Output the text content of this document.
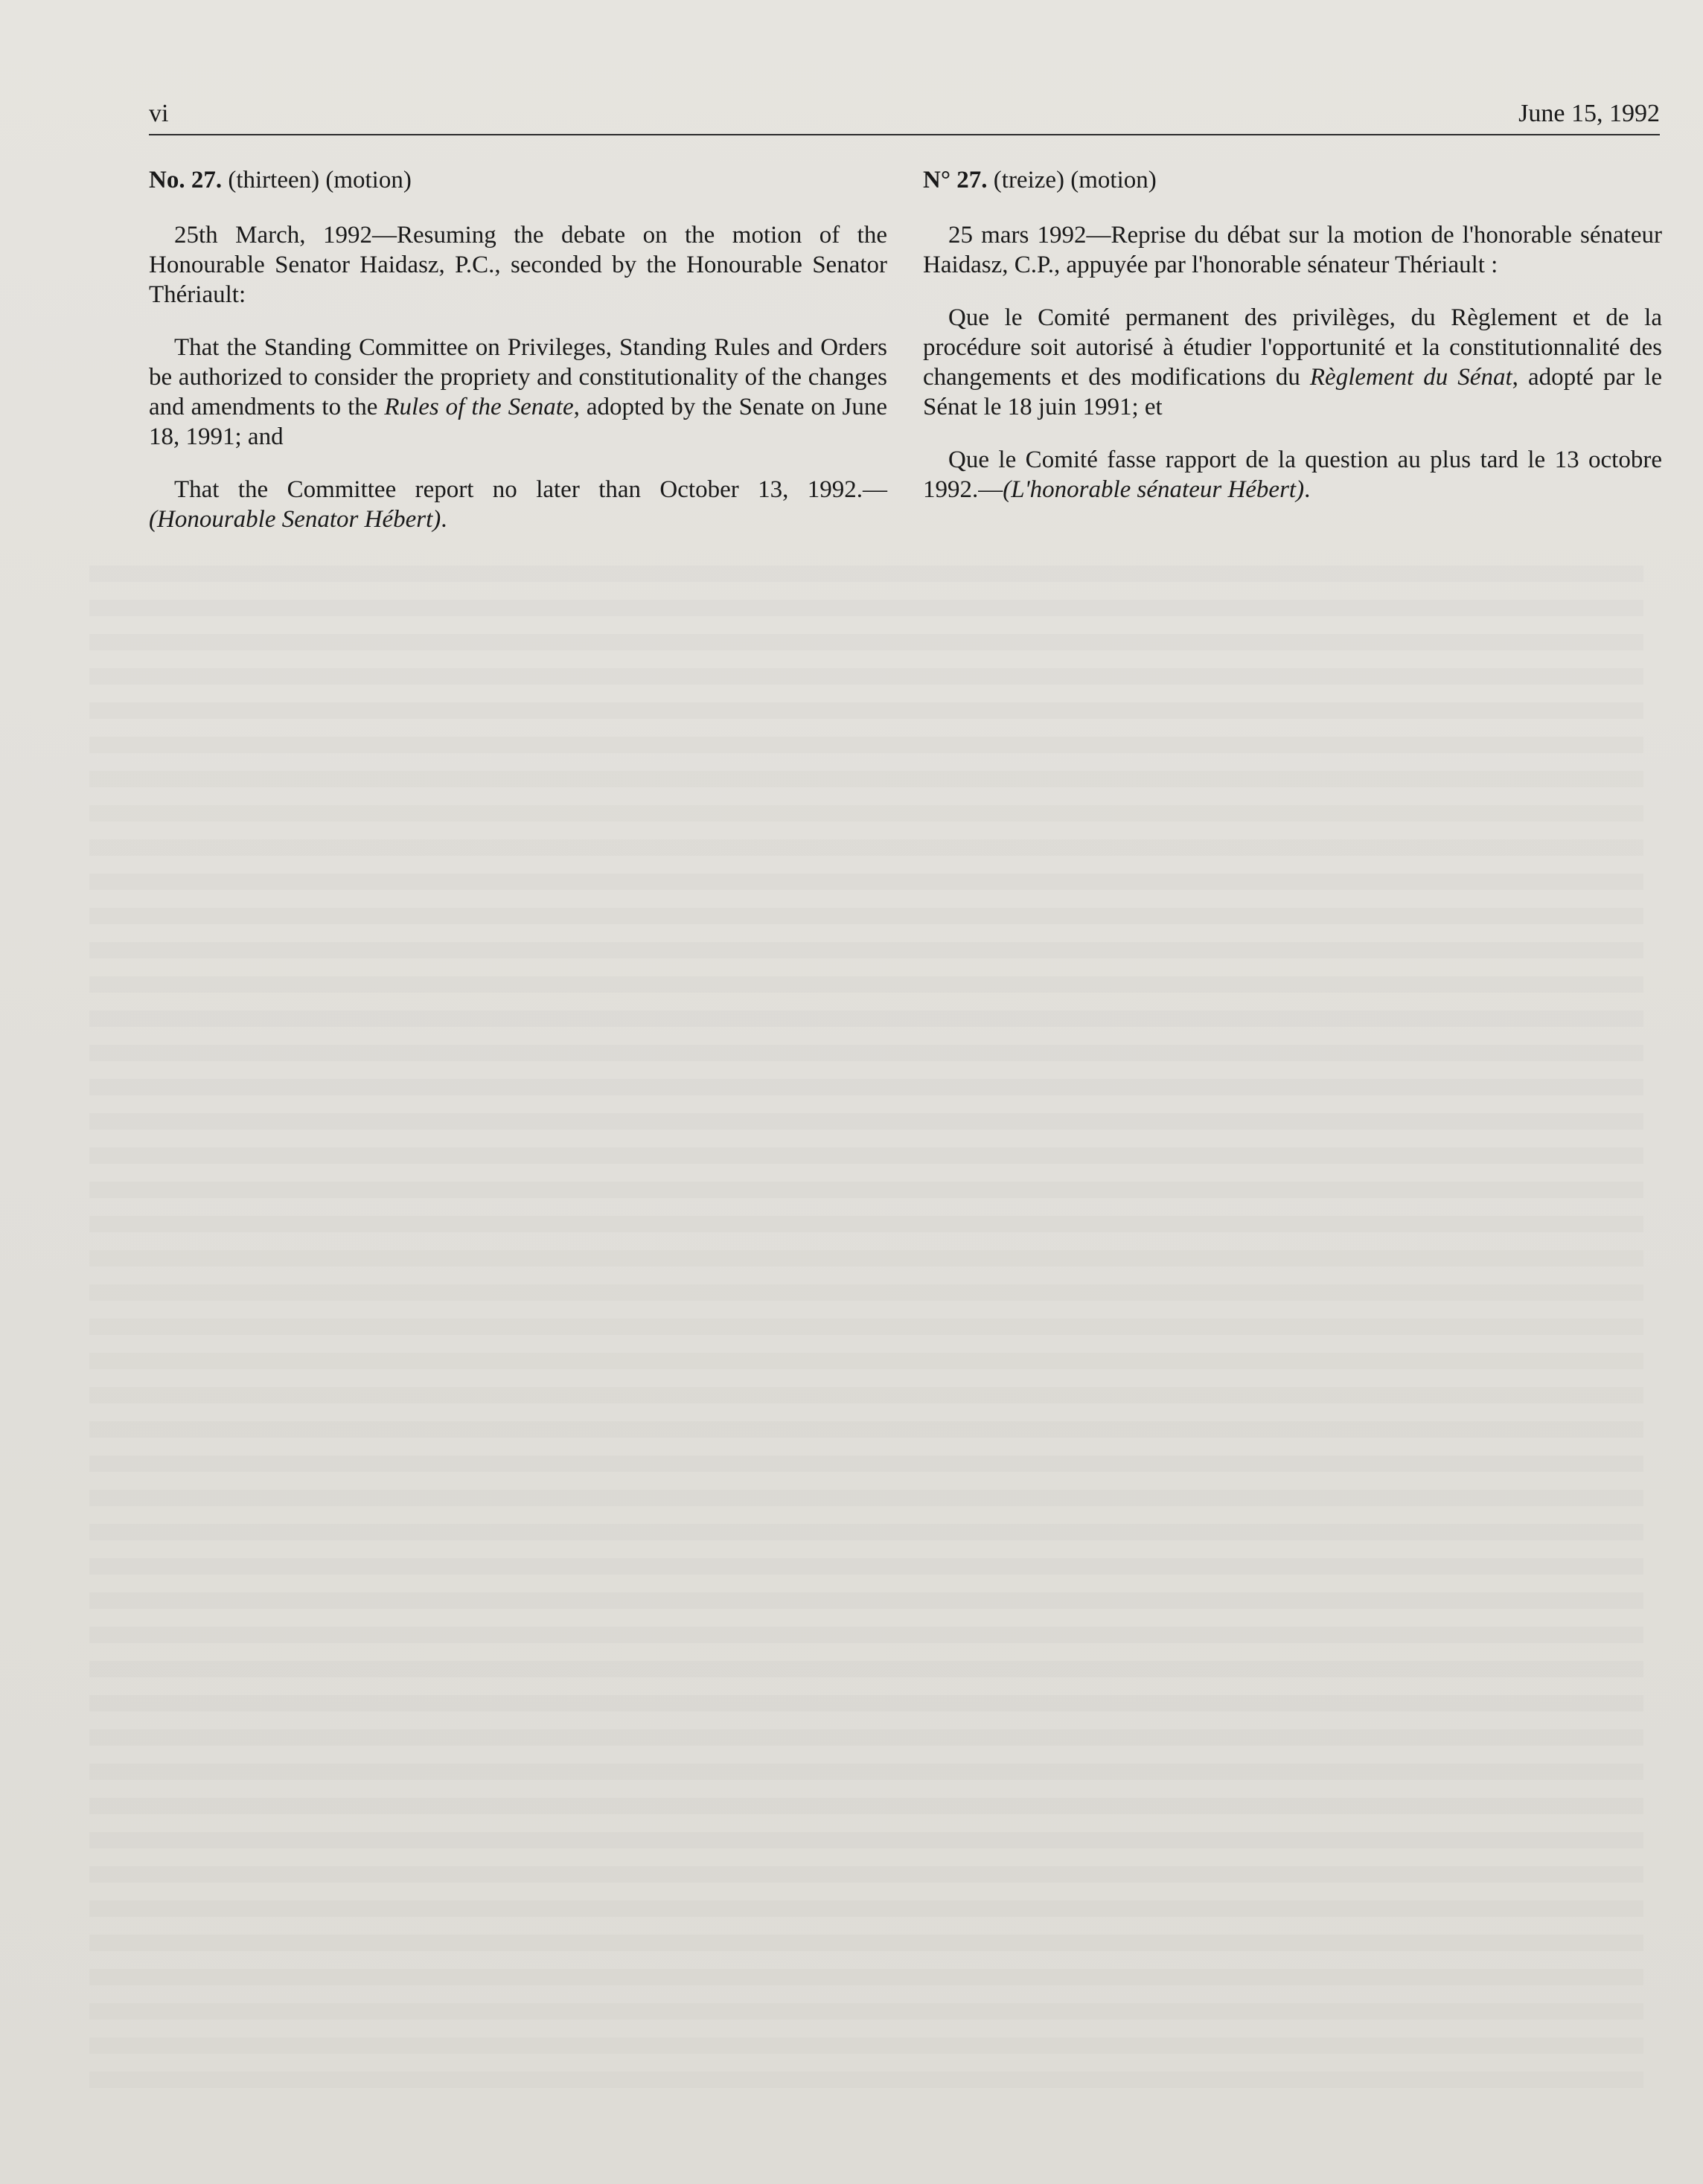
vi	June 15, 1992

No. 27. (thirteen) (motion)

25th March, 1992—Resuming the debate on the motion of the Honourable Senator Haidasz, P.C., seconded by the Honourable Senator Thériault:

That the Standing Committee on Privileges, Standing Rules and Orders be authorized to consider the propriety and constitutionality of the changes and amendments to the Rules of the Senate, adopted by the Senate on June 18, 1991; and

That the Committee report no later than October 13, 1992.—(Honourable Senator Hébert).

N° 27. (treize) (motion)

25 mars 1992—Reprise du débat sur la motion de l'honorable sénateur Haidasz, C.P., appuyée par l'honorable sénateur Thériault :

Que le Comité permanent des privilèges, du Règlement et de la procédure soit autorisé à étudier l'opportunité et la constitutionnalité des changements et des modifications du Règlement du Sénat, adopté par le Sénat le 18 juin 1991; et

Que le Comité fasse rapport de la question au plus tard le 13 octobre 1992.—(L'honorable sénateur Hébert).
